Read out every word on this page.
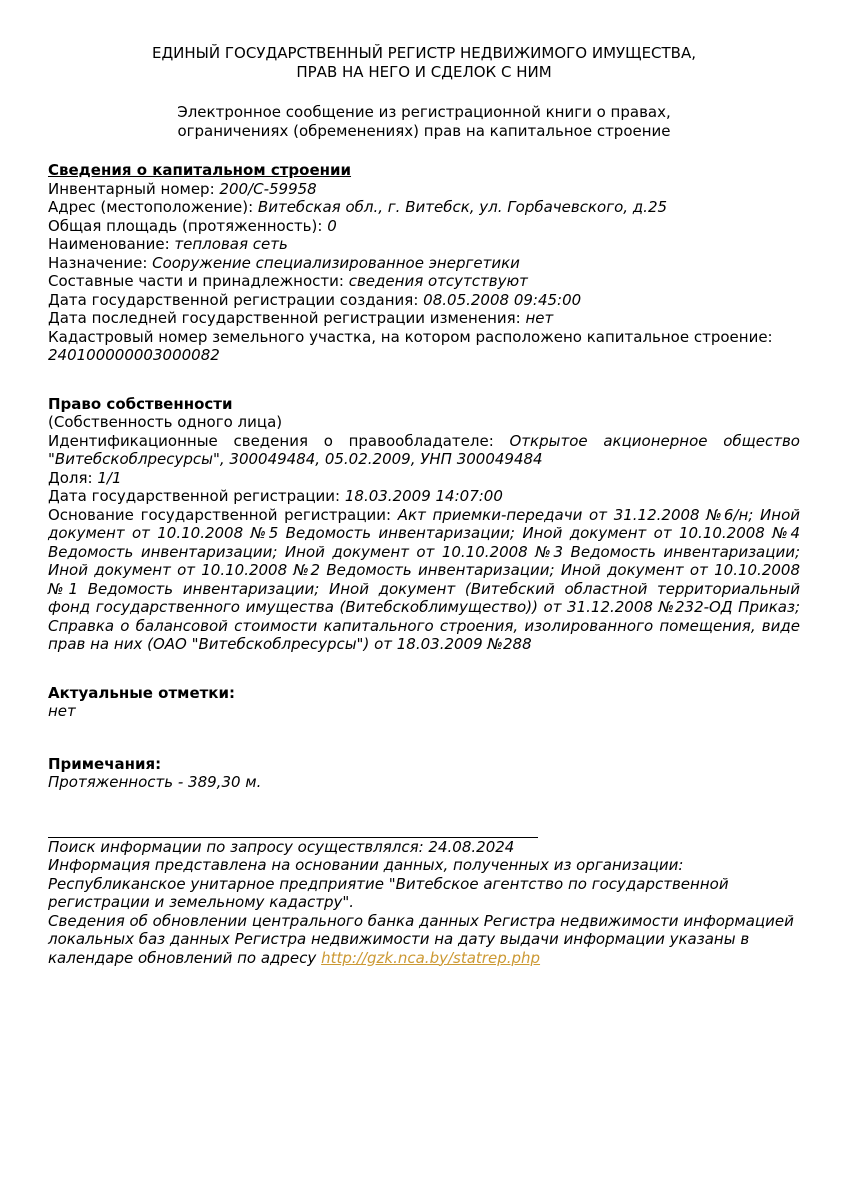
ЕДИНЫЙ ГОСУДАРСТВЕННЫЙ РЕГИСТР НЕДВИЖИМОГО ИМУЩЕСТВА,

ПРАВ НА НЕГО И СДЕЛОК С НИМ

Электронное сообщение из регистрационной книги о правах,

ограничениях (обременениях) прав на капитальное строение

Сведения о капитальном строении

Инвентарный номер: 200/С-59958

Адрес (местоположение): Витебская обл., г. Витебск, ул. Горбачевского, д.25

Общая площадь (протяженность): 0

Наименование: тепловая сеть

Назначение: Сооружение специализированное энергетики

Составные части и принадлежности: сведения отсутствуют

Дата государственной регистрации создания: 08.05.2008 09:45:00

Дата последней государственной регистрации изменения: нет

Кадастровый номер земельного участка, на котором расположено капитальное строение: 240100000003000082

Право собственности

(Собственность одного лица)

Идентификационные сведения о правообладателе: Открытое акционерное общество "Витебскоблресурсы", 300049484, 05.02.2009, УНП 300049484

Доля: 1/1

Дата государственной регистрации: 18.03.2009 14:07:00

Основание государственной регистрации: Акт приемки-передачи от 31.12.2008 №6/н; Иной документ от 10.10.2008 №5 Ведомость инвентаризации; Иной документ от 10.10.2008 №4 Ведомость инвентаризации; Иной документ от 10.10.2008 №3 Ведомость инвентаризации; Иной документ от 10.10.2008 №2 Ведомость инвентаризации; Иной документ от 10.10.2008 №1 Ведомость инвентаризации; Иной документ (Витебский областной территориальный фонд государственного имущества (Витебскоблимущество)) от 31.12.2008 №232-ОД Приказ; Справка о балансовой стоимости капитального строения, изолированного помещения, виде прав на них (ОАО "Витебскоблресурсы") от 18.03.2009 №288

Актуальные отметки:

нет

Примечания:

Протяженность - 389,30 м.

Поиск информации по запросу осуществлялся: 24.08.2024

Информация представлена на основании данных, полученных из организации:

Республиканское унитарное предприятие "Витебское агентство по государственной регистрации и земельному кадастру".

Сведения об обновлении центрального банка данных Регистра недвижимости информацией локальных баз данных Регистра недвижимости на дату выдачи информации указаны в календаре обновлений по адресу http://gzk.nca.by/statrep.php
